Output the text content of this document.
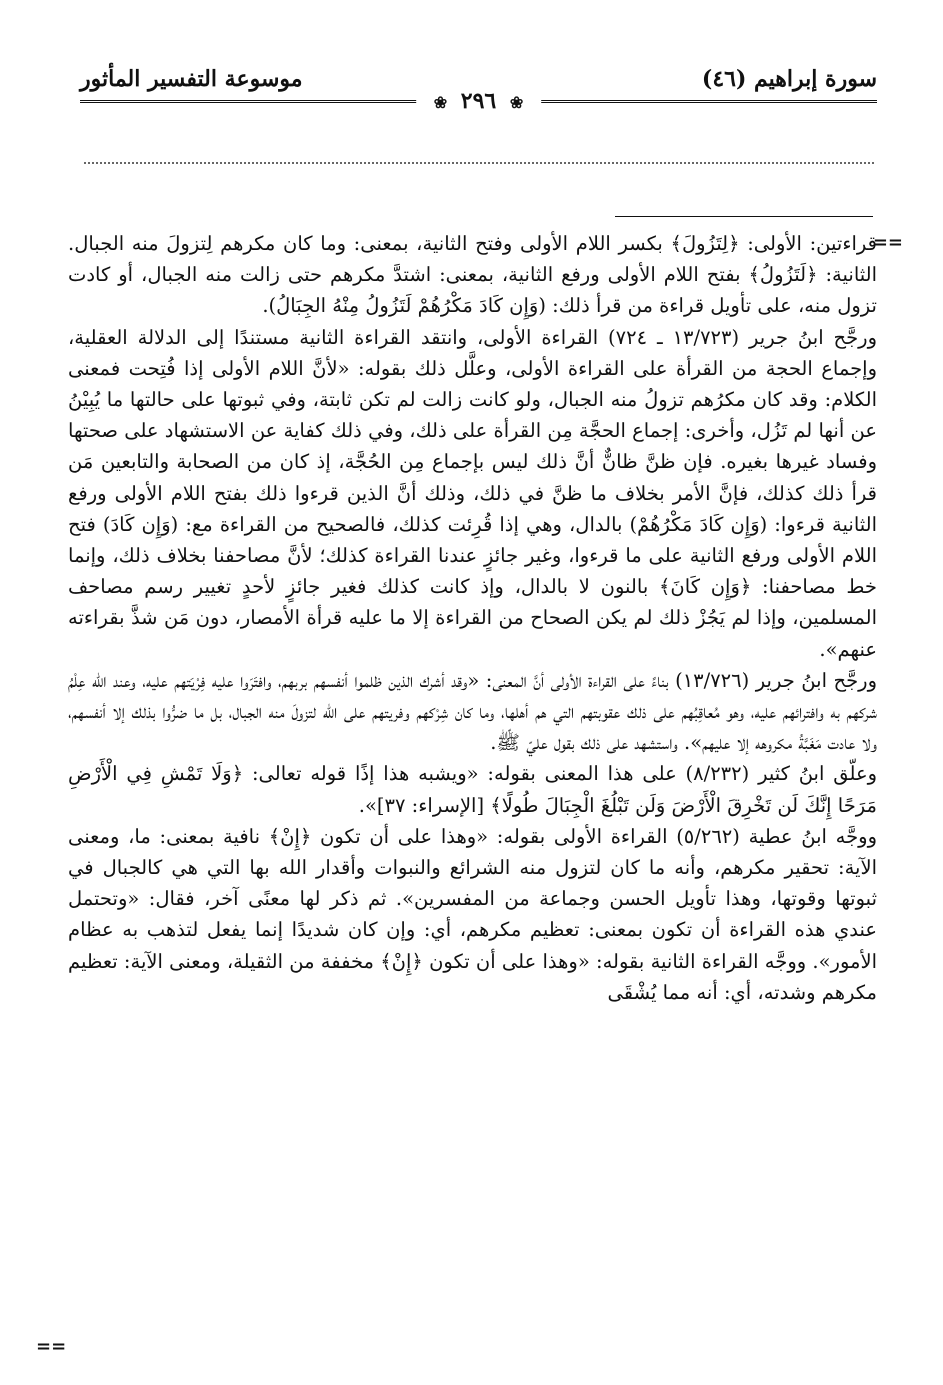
سورة إبراهيم (٤٦)
موسوعة التفسير المأثور
❀ ٢٩٦ ❀
==

قراءتين: الأولى: ﴿لِتَزُولَ﴾ بكسر اللام الأولى وفتح الثانية، بمعنى: وما كان مكرهم لِتزولَ منه الجبال. الثانية: ﴿لَتَزُولُ﴾ بفتح اللام الأولى ورفع الثانية، بمعنى: اشتدَّ مكرهم حتى زالت منه الجبال، أو كادت تزول منه، على تأويل قراءة من قرأ ذلك: (وَإِن كَادَ مَكْرُهُمْ لَتَزُولُ مِنْهُ الجِبَالُ).

ورجَّح ابنُ جرير (١٣/٧٢٣ ـ ٧٢٤) القراءة الأولى، وانتقد القراءة الثانية مستندًا إلى الدلالة العقلية، وإجماع الحجة من القرأة على القراءة الأولى، وعلَّل ذلك بقوله: «لأنَّ اللام الأولى إذا فُتِحت فمعنى الكلام: وقد كان مكرُهم تزولُ منه الجبال، ولو كانت زالت لم تكن ثابتة، وفي ثبوتها على حالتها ما يُبِيْنُ عن أنها لم تَزُل، وأخرى: إجماع الحجَّة مِن القرأة على ذلك، وفي ذلك كفاية عن الاستشهاد على صحتها وفساد غيرها بغيره. فإن ظنَّ ظانٌّ أنَّ ذلك ليس بإجماع مِن الحُجَّة، إذ كان من الصحابة والتابعين مَن قرأ ذلك كذلك، فإنَّ الأمر بخلاف ما ظنَّ في ذلك، وذلك أنَّ الذين قرءوا ذلك بفتح اللام الأولى ورفع الثانية قرءوا: (وَإِن كَادَ مَكْرُهُمْ) بالدال، وهي إذا قُرِئت كذلك، فالصحيح من القراءة مع: (وَإِن كَادَ) فتح اللام الأولى ورفع الثانية على ما قرءوا، وغير جائزٍ عندنا القراءة كذلك؛ لأنَّ مصاحفنا بخلاف ذلك، وإنما خط مصاحفنا: ﴿وَإِن كَانَ﴾ بالنون لا بالدال، وإذ كانت كذلك فغير جائزٍ لأحدٍ تغيير رسم مصاحف المسلمين، وإذا لم يَجُزْ ذلك لم يكن الصحاح من القراءة إلا ما عليه قرأة الأمصار، دون مَن شذَّ بقراءته عنهم».

ورجَّح ابنُ جرير (١٣/٧٢٦) بناءً على القراءة الأولى أنَّ المعنى: «وقد أشرك الذين ظلموا أنفسهم بربهم، وافتَرَوا عليه فِرْيَتهم عليه، وعند الله عِلْمُ شركهم به وافترائهم عليه، وهو مُعاقِبُهم على ذلك عقوبتهم التي هم أهلها، وما كان شِرْكهم وفريتهم على الله لتزولَ منه الجبال، بل ما ضرُّوا بذلك إلا أنفسهم، ولا عادت مَغَبَّةُ مكروهه إلا عليهم». واستشهد على ذلك بقول عليّ ﷺ.

وعلّق ابنُ كثير (٨/٢٣٢) على هذا المعنى بقوله: «ويشبه هذا إذًا قوله تعالى: ﴿وَلَا تَمْشِ فِي الْأَرْضِ مَرَحًا إِنَّكَ لَن تَخْرِقَ الْأَرْضَ وَلَن تَبْلُغَ الْجِبَالَ طُولًا﴾ [الإسراء: ٣٧]».

ووجَّه ابنُ عطية (٥/٢٦٢) القراءة الأولى بقوله: «وهذا على أن تكون ﴿إِنْ﴾ نافية بمعنى: ما، ومعنى الآية: تحقير مكرهم، وأنه ما كان لتزول منه الشرائع والنبوات وأقدار الله بها التي هي كالجبال في ثبوتها وقوتها، وهذا تأويل الحسن وجماعة من المفسرين». ثم ذكر لها معنًى آخر، فقال: «وتحتمل عندي هذه القراءة أن تكون بمعنى: تعظيم مكرهم، أي: وإن كان شديدًا إنما يفعل لتذهب به عظام الأمور». ووجَّه القراءة الثانية بقوله: «وهذا على أن تكون ﴿إِنْ﴾ مخففة من الثقيلة، ومعنى الآية: تعظيم مكرهم وشدته، أي: أنه مما يُشْقَى

==
